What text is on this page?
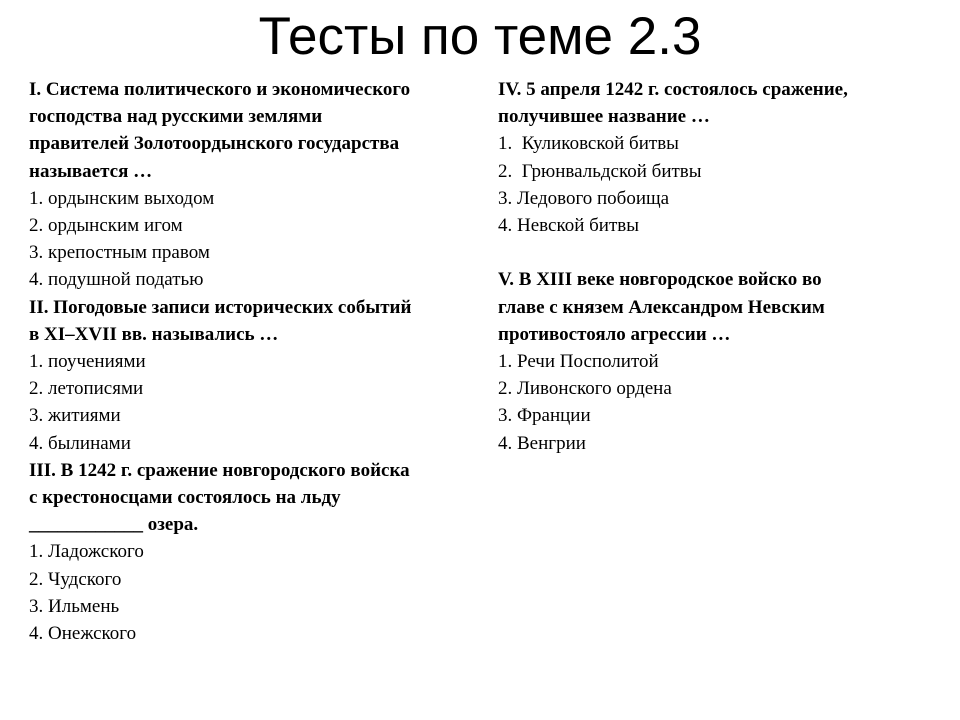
Тесты по теме 2.3
I. Система политического и экономического
господства над русскими землями
правителей Золотоордынского государства
называется …
1. ордынским выходом
2. ордынским игом
3. крепостным правом
4. подушной податью
II. Погодовые записи исторических событий
в XI–XVII вв. назывались …
1. поучениями
2. летописями
3. житиями
4. былинами
III. В 1242 г. сражение новгородского войска
с крестоносцами состоялось на льду
____________ озера.
1. Ладожского
2. Чудского
3. Ильмень
4. Онежского
IV. 5 апреля 1242 г. состоялось сражение,
получившее название …
1.  Куликовской битвы
2.  Грюнвальдской битвы
3. Ледового побоища
4. Невской битвы
V. В XIII веке новгородское войско во
главе с князем Александром Невским
противостояло агрессии …
1. Речи Посполитой
2. Ливонского ордена
3. Франции
4. Венгрии
